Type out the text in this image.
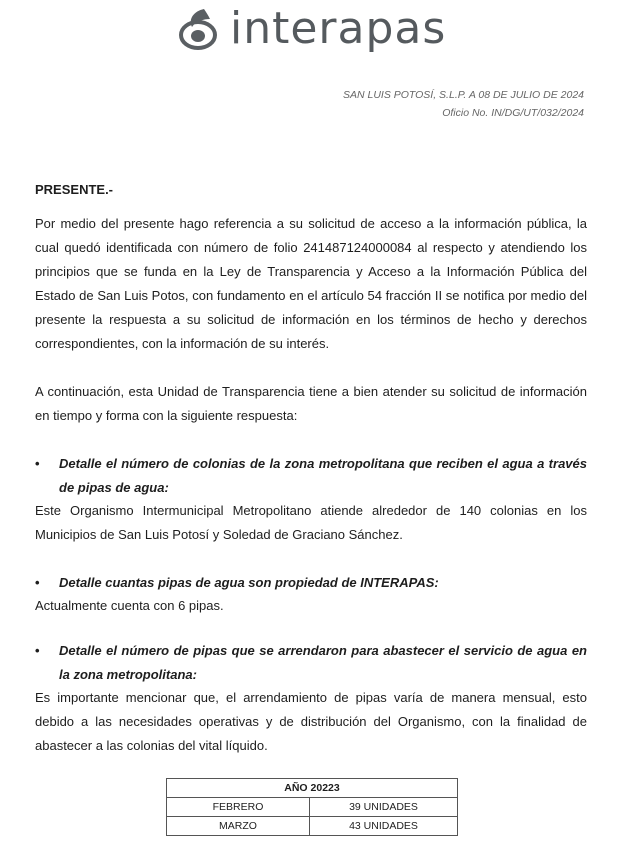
interapas
SAN LUIS POTOSÍ, S.L.P. A 08 DE JULIO DE 2024
Oficio No. IN/DG/UT/032/2024
PRESENTE.-
Por medio del presente hago referencia a su solicitud de acceso a la información pública, la cual quedó identificada con número de folio 241487124000084 al respecto y atendiendo los principios que se funda en la Ley de Transparencia y Acceso a la Información Pública del Estado de San Luis Potos, con fundamento en el artículo 54 fracción II se notifica por medio del presente la respuesta a su solicitud de información en los términos de hecho y derechos correspondientes, con la información de su interés.
A continuación, esta Unidad de Transparencia tiene a bien atender su solicitud de información en tiempo y forma con la siguiente respuesta:
•	Detalle el número de colonias de la zona metropolitana que reciben el agua a través de pipas de agua:
Este Organismo Intermunicipal Metropolitano atiende alrededor de 140 colonias en los Municipios de San Luis Potosí y Soledad de Graciano Sánchez.
•	Detalle cuantas pipas de agua son propiedad de INTERAPAS:
Actualmente cuenta con 6 pipas.
•	Detalle el número de pipas que se arrendaron para abastecer el servicio de agua en la zona metropolitana:
Es importante mencionar que, el arrendamiento de pipas varía de manera mensual, esto debido a las necesidades operativas y de distribución del Organismo, con la finalidad de abastecer a las colonias del vital líquido.
AÑO 20223	
FEBRERO	39 UNIDADES
MARZO	43 UNIDADES
